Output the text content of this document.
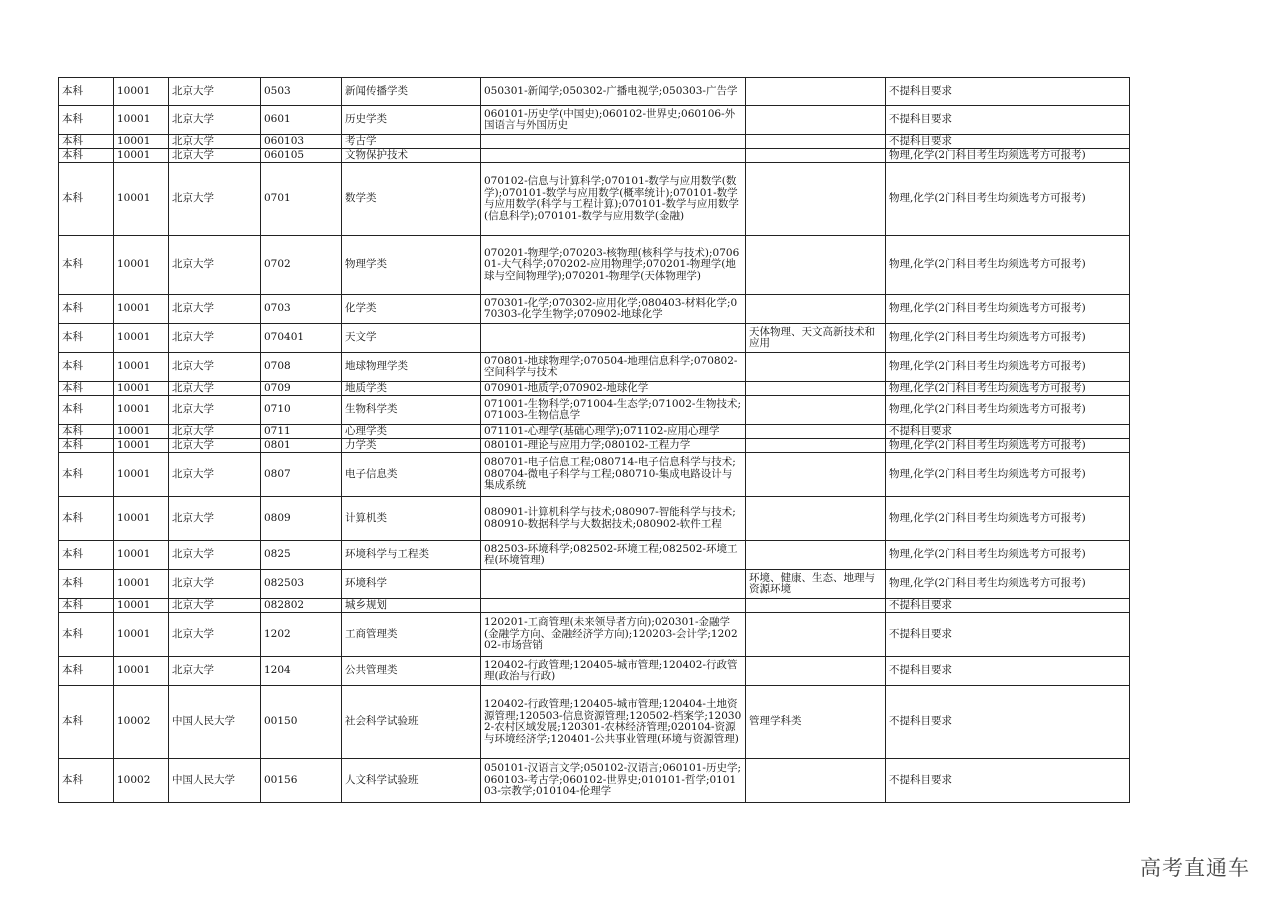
本科	10001	北京大学	0503	新闻传播学类	050301-新闻学;050302-广播电视学;050303-广告学		不提科目要求
本科	10001	北京大学	0601	历史学类	060101-历史学(中国史);060102-世界史;060106-外国语言与外国历史		不提科目要求
本科	10001	北京大学	060103	考古学			不提科目要求
本科	10001	北京大学	060105	文物保护技术			物理,化学(2门科目考生均须选考方可报考)
本科	10001	北京大学	0701	数学类	070102-信息与计算科学;070101-数学与应用数学(数学);070101-数学与应用数学(概率统计);070101-数学与应用数学(科学与工程计算);070101-数学与应用数学(信息科学);070101-数学与应用数学(金融)		物理,化学(2门科目考生均须选考方可报考)
本科	10001	北京大学	0702	物理学类	070201-物理学;070203-核物理(核科学与技术);070601-大气科学;070202-应用物理学;070201-物理学(地球与空间物理学);070201-物理学(天体物理学)		物理,化学(2门科目考生均须选考方可报考)
本科	10001	北京大学	0703	化学类	070301-化学;070302-应用化学;080403-材料化学;070303-化学生物学;070902-地球化学		物理,化学(2门科目考生均须选考方可报考)
本科	10001	北京大学	070401	天文学		天体物理、天文高新技术和应用	物理,化学(2门科目考生均须选考方可报考)
本科	10001	北京大学	0708	地球物理学类	070801-地球物理学;070504-地理信息科学;070802-空间科学与技术		物理,化学(2门科目考生均须选考方可报考)
本科	10001	北京大学	0709	地质学类	070901-地质学;070902-地球化学		物理,化学(2门科目考生均须选考方可报考)
本科	10001	北京大学	0710	生物科学类	071001-生物科学;071004-生态学;071002-生物技术;071003-生物信息学		物理,化学(2门科目考生均须选考方可报考)
本科	10001	北京大学	0711	心理学类	071101-心理学(基础心理学);071102-应用心理学		不提科目要求
本科	10001	北京大学	0801	力学类	080101-理论与应用力学;080102-工程力学		物理,化学(2门科目考生均须选考方可报考)
本科	10001	北京大学	0807	电子信息类	080701-电子信息工程;080714-电子信息科学与技术;080704-微电子科学与工程;080710-集成电路设计与集成系统		物理,化学(2门科目考生均须选考方可报考)
本科	10001	北京大学	0809	计算机类	080901-计算机科学与技术;080907-智能科学与技术;080910-数据科学与大数据技术;080902-软件工程		物理,化学(2门科目考生均须选考方可报考)
本科	10001	北京大学	0825	环境科学与工程类	082503-环境科学;082502-环境工程;082502-环境工程(环境管理)		物理,化学(2门科目考生均须选考方可报考)
本科	10001	北京大学	082503	环境科学		环境、健康、生态、地理与资源环境	物理,化学(2门科目考生均须选考方可报考)
本科	10001	北京大学	082802	城乡规划			不提科目要求
本科	10001	北京大学	1202	工商管理类	120201-工商管理(未来领导者方向);020301-金融学(金融学方向、金融经济学方向);120203-会计学;120202-市场营销		不提科目要求
本科	10001	北京大学	1204	公共管理类	120402-行政管理;120405-城市管理;120402-行政管理(政治与行政)		不提科目要求
本科	10002	中国人民大学	00150	社会科学试验班	120402-行政管理;120405-城市管理;120404-土地资源管理;120503-信息资源管理;120502-档案学;120302-农村区域发展;120301-农林经济管理;020104-资源与环境经济学;120401-公共事业管理(环境与资源管理)	管理学科类	不提科目要求
本科	10002	中国人民大学	00156	人文科学试验班	050101-汉语言文学;050102-汉语言;060101-历史学;060103-考古学;060102-世界史;010101-哲学;010103-宗教学;010104-伦理学		不提科目要求
高考直通车
